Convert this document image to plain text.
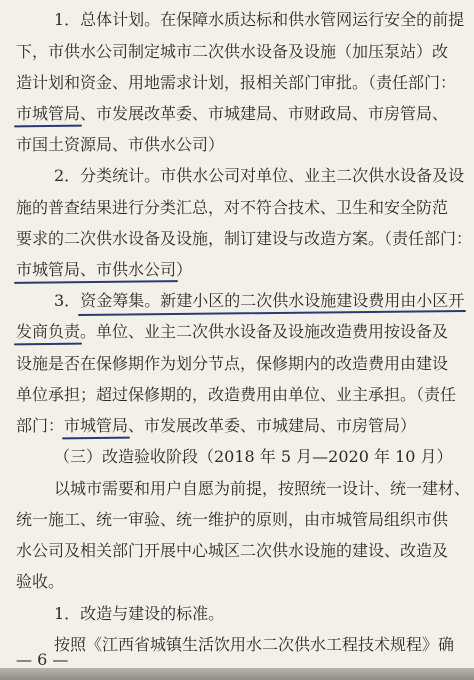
1．总体计划。在保障水质达标和供水管网运行安全的前提
下，市供水公司制定城市二次供水设备及设施（加压泵站）改
造计划和资金、用地需求计划，报相关部门审批。（责任部门：
市城管局、市发展改革委、市城建局、市财政局、市房管局、
市国土资源局、市供水公司）
2．分类统计。市供水公司对单位、业主二次供水设备及设
施的普查结果进行分类汇总，对不符合技术、卫生和安全防范
要求的二次供水设备及设施，制订建设与改造方案。（责任部门：
市城管局、市供水公司）
3．资金筹集。新建小区的二次供水设施建设费用由小区开
发商负责。单位、业主二次供水设备及设施改造费用按设备及
设施是否在保修期作为划分节点，保修期内的改造费用由建设
单位承担；超过保修期的，改造费用由单位、业主承担。（责任
部门：市城管局、市发展改革委、市城建局、市房管局）
（三）改造验收阶段（2018 年 5 月—2020 年 10 月）
以城市需要和用户自愿为前提，按照统一设计、统一建材、
统一施工、统一审验、统一维护的原则，由市城管局组织市供
水公司及相关部门开展中心城区二次供水设施的建设、改造及
验收。
1．改造与建设的标准。
按照《江西省城镇生活饮用水二次供水工程技术规程》确
— 6 —
